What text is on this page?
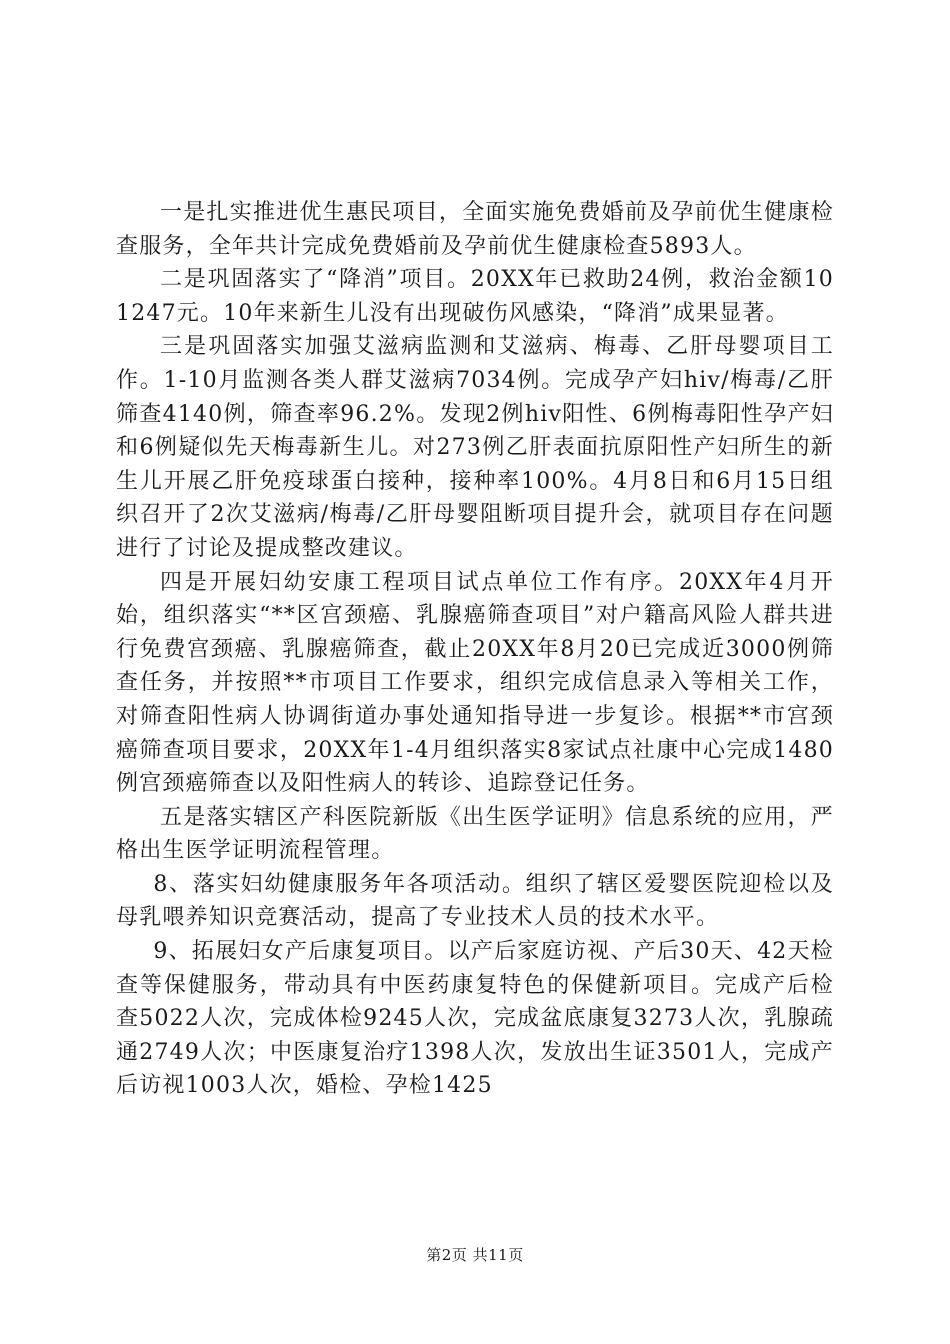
一是扎实推进优生惠民项目，全面实施免费婚前及孕前优生健康检查服务，全年共计完成免费婚前及孕前优生健康检查5893人。

二是巩固落实了“降消”项目。20XX年已救助24例，救治金额101247元。10年来新生儿没有出现破伤风感染，“降消”成果显著。

三是巩固落实加强艾滋病监测和艾滋病、梅毒、乙肝母婴项目工作。1-10月监测各类人群艾滋病7034例。完成孕产妇hiv/梅毒/乙肝筛查4140例，筛查率96.2%。发现2例hiv阳性、6例梅毒阳性孕产妇和6例疑似先天梅毒新生儿。对273例乙肝表面抗原阳性产妇所生的新生儿开展乙肝免疫球蛋白接种，接种率100%。4月8日和6月15日组织召开了2次艾滋病/梅毒/乙肝母婴阻断项目提升会，就项目存在问题进行了讨论及提成整改建议。

四是开展妇幼安康工程项目试点单位工作有序。20XX年4月开始，组织落实“**区宫颈癌、乳腺癌筛查项目”对户籍高风险人群共进行免费宫颈癌、乳腺癌筛查，截止20XX年8月20已完成近3000例筛查任务，并按照**市项目工作要求，组织完成信息录入等相关工作，对筛查阳性病人协调街道办事处通知指导进一步复诊。根据**市宫颈癌筛查项目要求，20XX年1-4月组织落实8家试点社康中心完成1480例宫颈癌筛查以及阳性病人的转诊、追踪登记任务。

五是落实辖区产科医院新版《出生医学证明》信息系统的应用，严格出生医学证明流程管理。

8、落实妇幼健康服务年各项活动。组织了辖区爱婴医院迎检以及母乳喂养知识竞赛活动，提高了专业技术人员的技术水平。

9、拓展妇女产后康复项目。以产后家庭访视、产后30天、42天检查等保健服务，带动具有中医药康复特色的保健新项目。完成产后检查5022人次，完成体检9245人次，完成盆底康复3273人次，乳腺疏通2749人次；中医康复治疗1398人次，发放出生证3501人，完成产后访视1003人次，婚检、孕检1425

第2页 共11页
